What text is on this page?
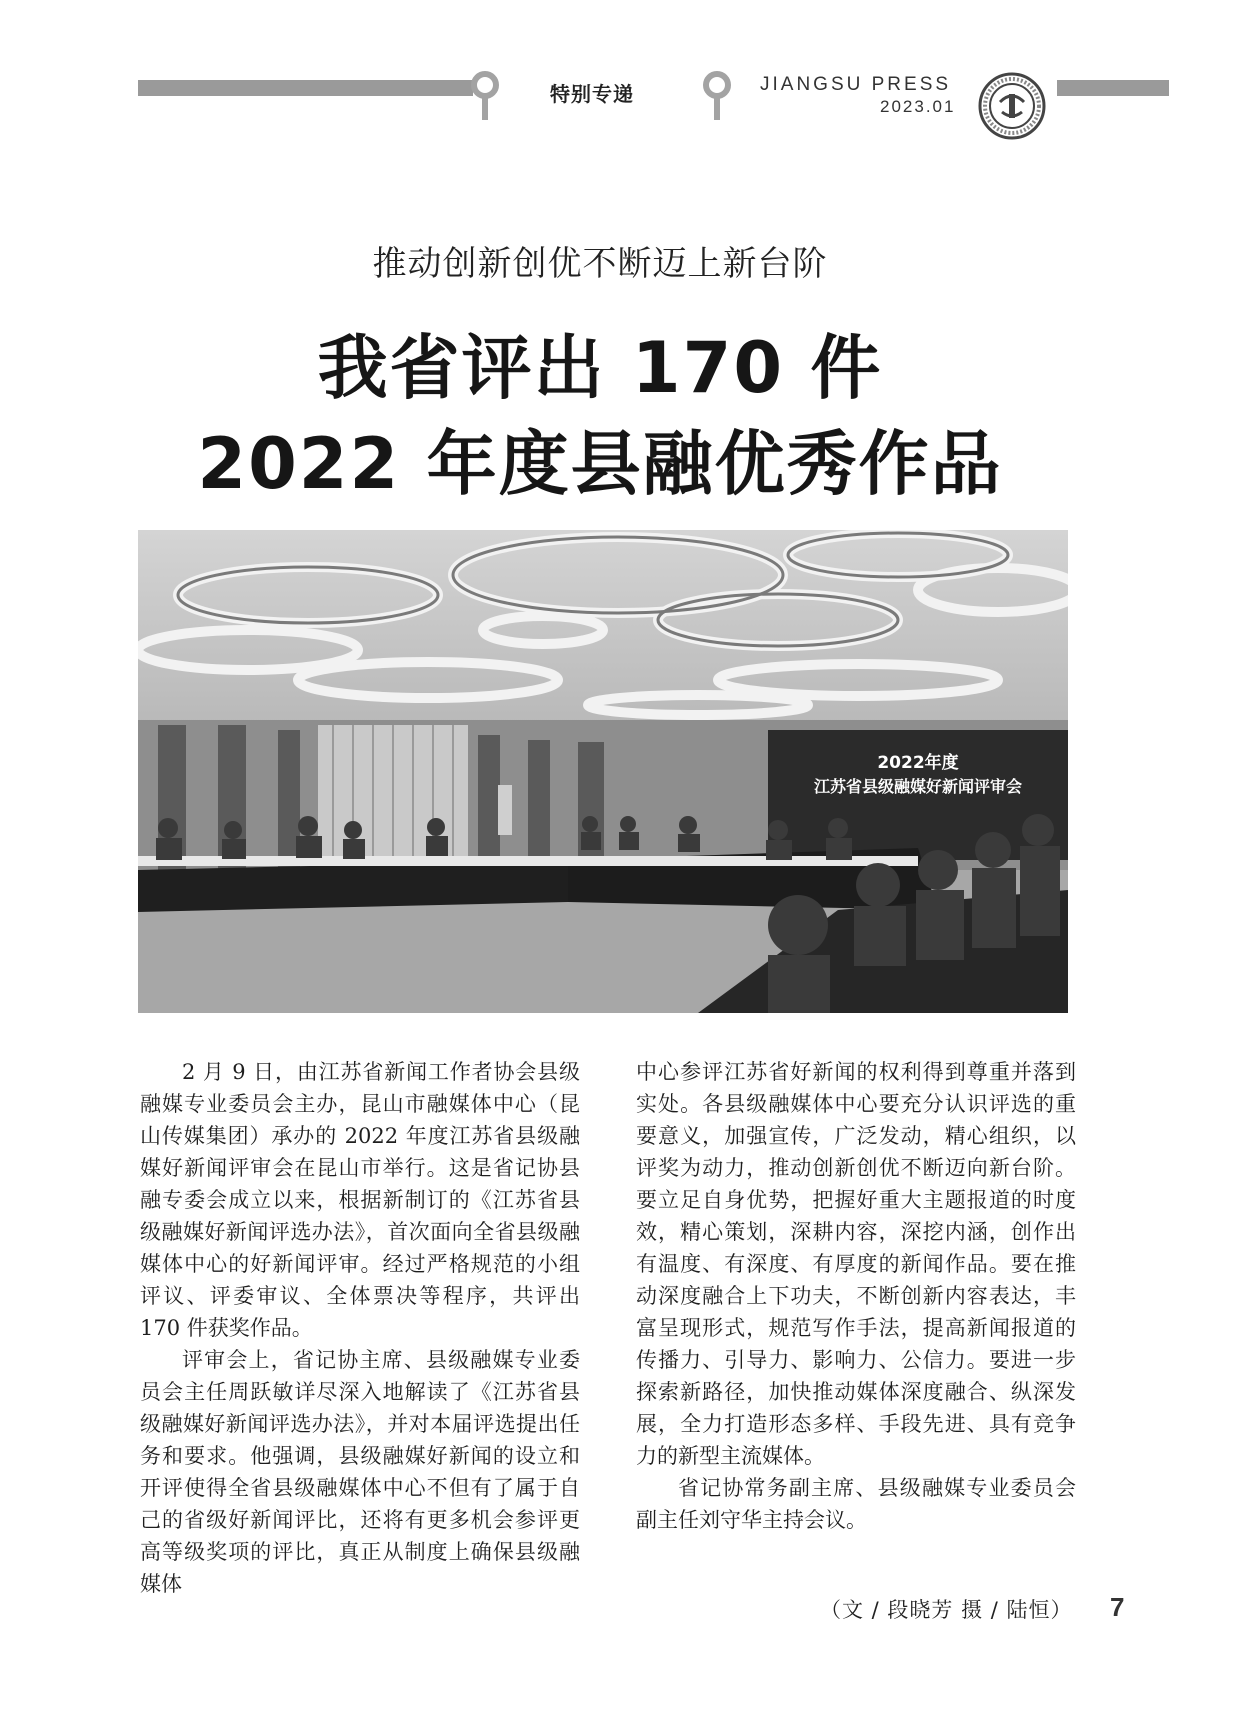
特别专递	JIANGSU PRESS
2023.01
推动创新创优不断迈上新台阶
我省评出 170 件
2022 年度县融优秀作品
2022年度
江苏省县级融媒好新闻评审会

2 月 9 日，由江苏省新闻工作者协会县级融媒专业委员会主办，昆山市融媒体中心（昆山传媒集团）承办的 2022 年度江苏省县级融媒好新闻评审会在昆山市举行。这是省记协县融专委会成立以来，根据新制订的《江苏省县级融媒好新闻评选办法》，首次面向全省县级融媒体中心的好新闻评审。经过严格规范的小组评议、评委审议、全体票决等程序，共评出 170 件获奖作品。

评审会上，省记协主席、县级融媒专业委员会主任周跃敏详尽深入地解读了《江苏省县级融媒好新闻评选办法》，并对本届评选提出任务和要求。他强调，县级融媒好新闻的设立和开评使得全省县级融媒体中心不但有了属于自己的省级好新闻评比，还将有更多机会参评更高等级奖项的评比，真正从制度上确保县级融媒体

中心参评江苏省好新闻的权利得到尊重并落到实处。各县级融媒体中心要充分认识评选的重要意义，加强宣传，广泛发动，精心组织，以评奖为动力，推动创新创优不断迈向新台阶。要立足自身优势，把握好重大主题报道的时度效，精心策划，深耕内容，深挖内涵，创作出有温度、有深度、有厚度的新闻作品。要在推动深度融合上下功夫，不断创新内容表达，丰富呈现形式，规范写作手法，提高新闻报道的传播力、引导力、影响力、公信力。要进一步探索新路径，加快推动媒体深度融合、纵深发展，全力打造形态多样、手段先进、具有竞争力的新型主流媒体。

省记协常务副主席、县级融媒专业委员会副主任刘守华主持会议。

（文 / 段晓芳 摄 / 陆恒） 7
